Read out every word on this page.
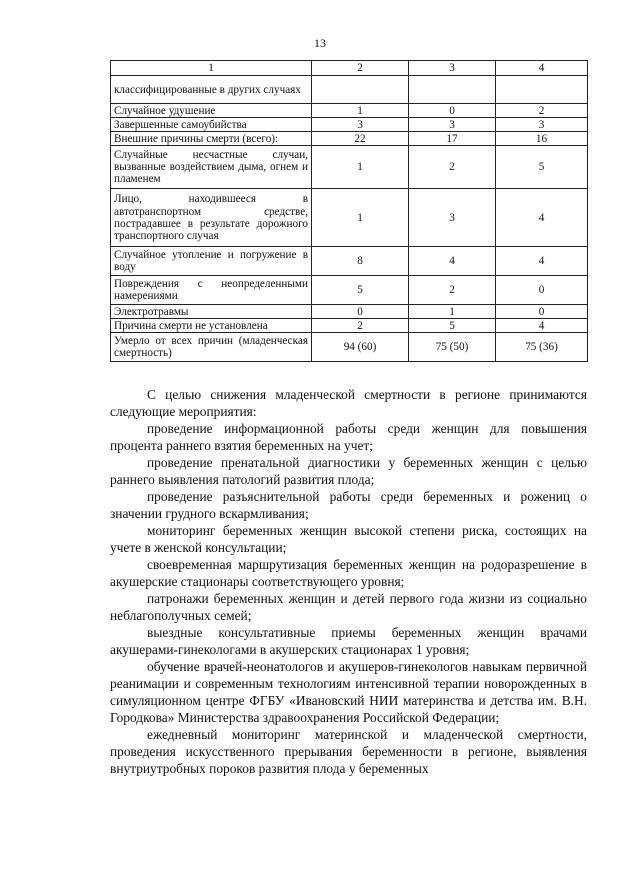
13
1	2	3	4
классифицированные в других случаях			
Случайное удушение	1	0	2
Завершенные самоубийства	3	3	3
Внешние причины смерти (всего):	22	17	16
Случайные несчастные случаи, вызванные воздействием дыма, огнем и пламенем	1	2	5
Лицо, находившееся в автотранспортном средстве, пострадавшее в результате дорожного транспортного случая	1	3	4
Случайное утопление и погружение в воду	8	4	4
Повреждения с неопределенными намерениями	5	2	0
Электротравмы	0	1	0
Причина смерти не установлена	2	5	4
Умерло от всех причин (младенческая смертность)	94 (60)	75 (50)	75 (36)

С целью снижения младенческой смертности в регионе принимаются следующие мероприятия:

проведение информационной работы среди женщин для повышения процента раннего взятия беременных на учет;

проведение пренатальной диагностики у беременных женщин с целью раннего выявления патологий развития плода;

проведение разъяснительной работы среди беременных и рожениц о значении грудного вскармливания;

мониторинг беременных женщин высокой степени риска, состоящих на учете в женской консультации;

своевременная маршрутизация беременных женщин на родоразрешение в акушерские стационары соответствующего уровня;

патронажи беременных женщин и детей первого года жизни из социально неблагополучных семей;

выездные консультативные приемы беременных женщин врачами акушерами-гинекологами в акушерских стационарах 1 уровня;

обучение врачей-неонатологов и акушеров-гинекологов навыкам первичной реанимации и современным технологиям интенсивной терапии новорожденных в симуляционном центре ФГБУ «Ивановский НИИ материнства и детства им. В.Н. Городкова» Министерства здравоохранения Российской Федерации;

ежедневный мониторинг материнской и младенческой смертности, проведения искусственного прерывания беременности в регионе, выявления внутриутробных пороков развития плода у беременных
